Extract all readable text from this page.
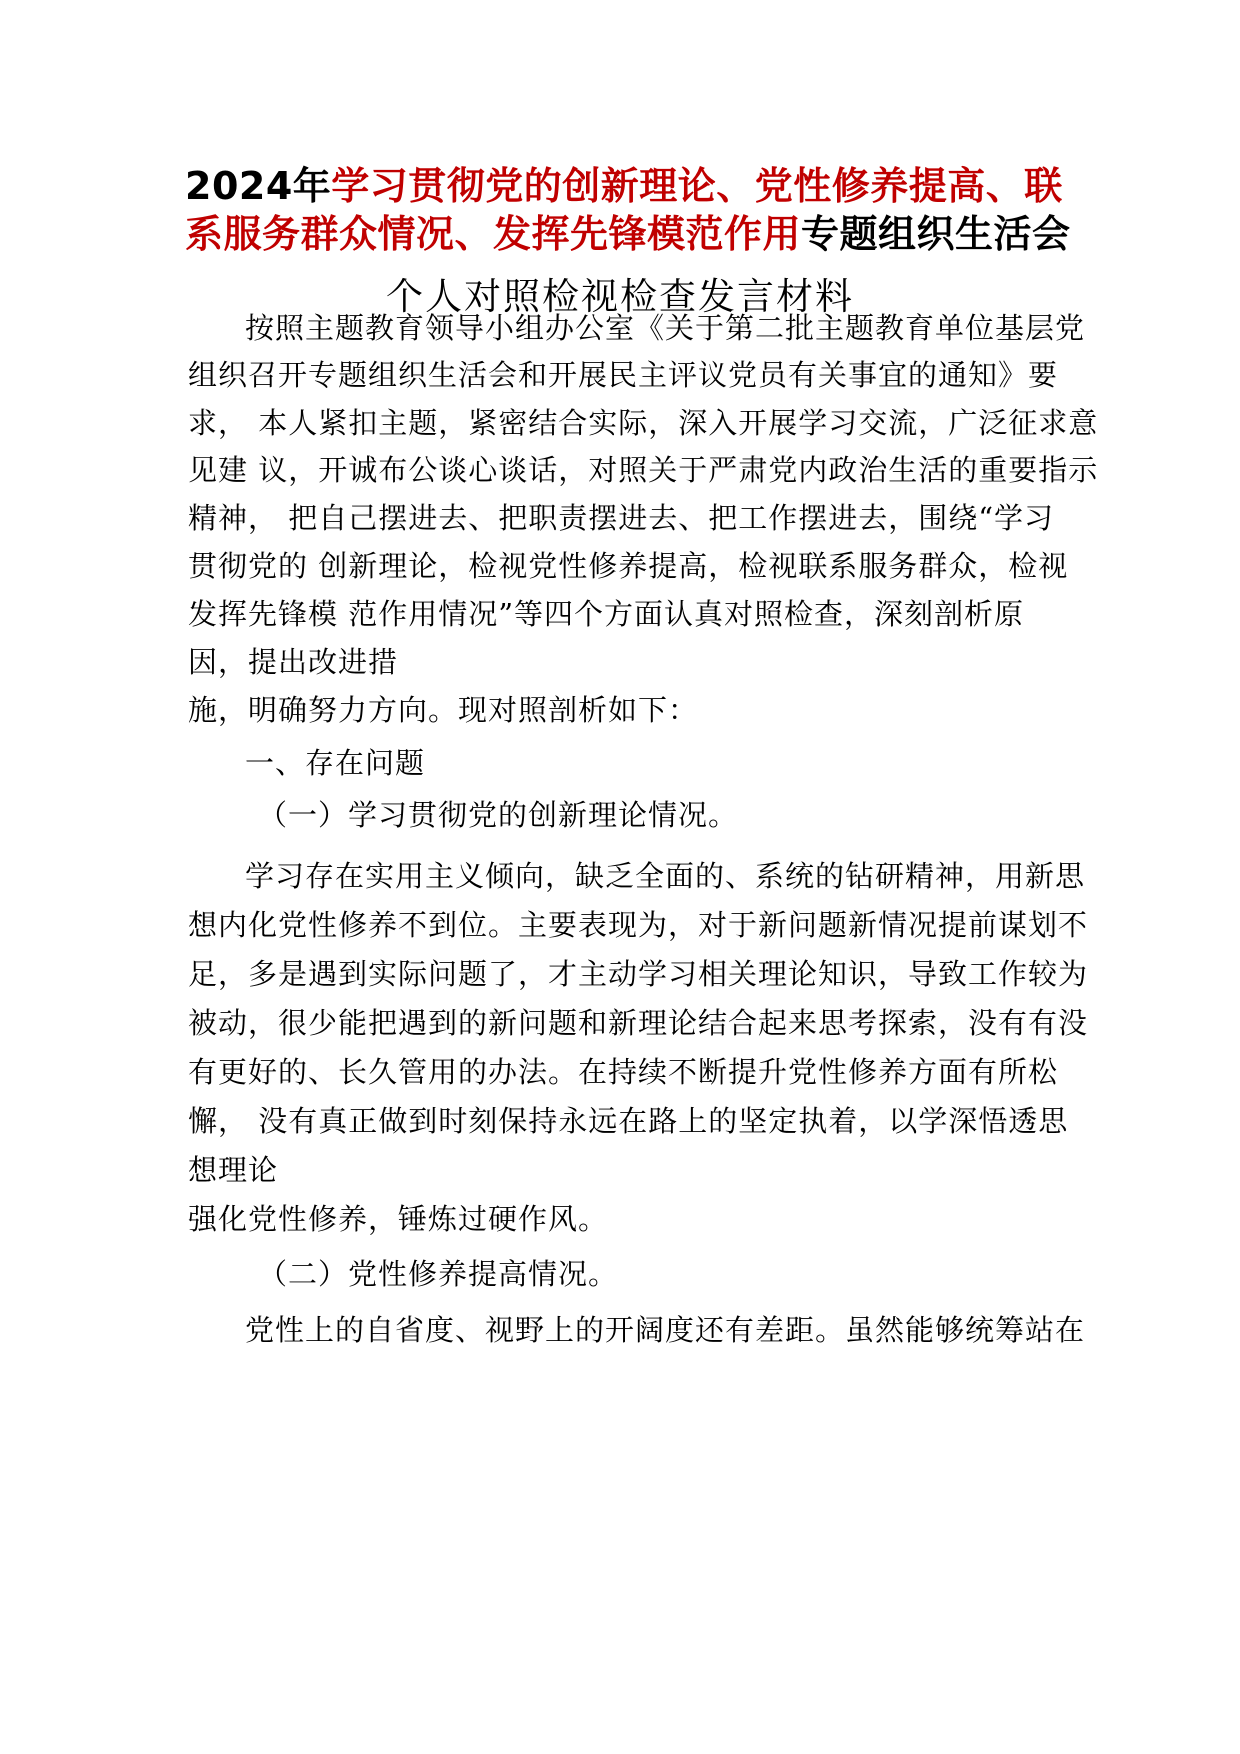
2024年学习贯彻党的创新理论、党性修养提高、联
系服务群众情况、发挥先锋模范作用专题组织生活会
个人对照检视检查发言材料
按照主题教育领导小组办公室《关于第二批主题教育单位基层党
组织召开专题组织生活会和开展民主评议党员有关事宜的通知》要
求， 本人紧扣主题，紧密结合实际，深入开展学习交流，广泛征求意
见建 议，开诚布公谈心谈话，对照关于严肃党内政治生活的重要指示
精神， 把自己摆进去、把职责摆进去、把工作摆进去，围绕“学习
贯彻党的 创新理论，检视党性修养提高，检视联系服务群众，检视
发挥先锋模 范作用情况”等四个方面认真对照检查，深刻剖析原
因，提出改进措
施，明确努力方向。现对照剖析如下：
一、存在问题
（一）学习贯彻党的创新理论情况。
学习存在实用主义倾向，缺乏全面的、系统的钻研精神，用新思
想内化党性修养不到位。主要表现为，对于新问题新情况提前谋划不
足，多是遇到实际问题了，才主动学习相关理论知识，导致工作较为
被动，很少能把遇到的新问题和新理论结合起来思考探索，没有有没
有更好的、长久管用的办法。在持续不断提升党性修养方面有所松
懈， 没有真正做到时刻保持永远在路上的坚定执着，以学深悟透思
想理论
强化党性修养，锤炼过硬作风。
（二）党性修养提高情况。
党性上的自省度、视野上的开阔度还有差距。虽然能够统筹站在
